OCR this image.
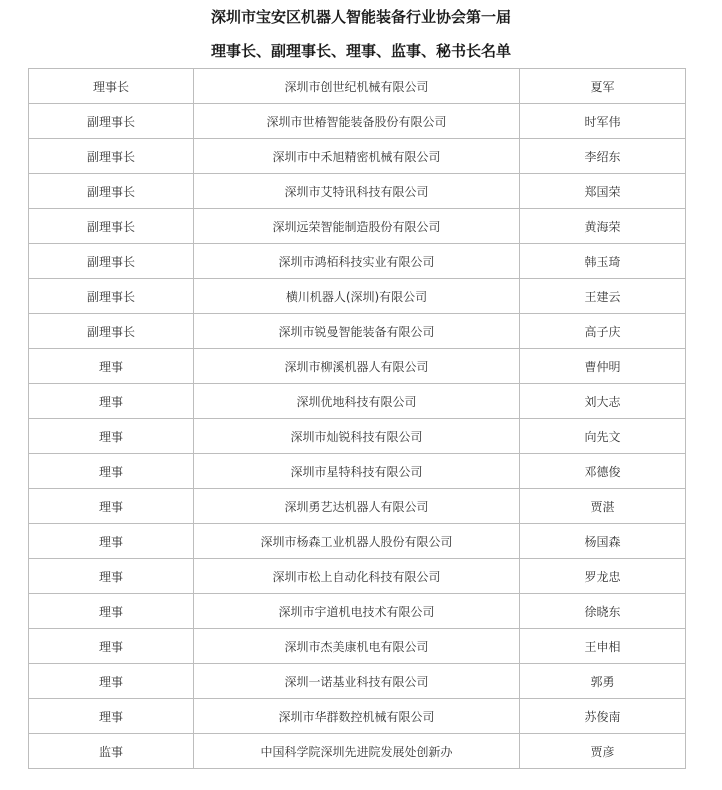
深圳市宝安区机器人智能装备行业协会第一届
理事长、副理事长、理事、监事、秘书长名单
理事长	深圳市创世纪机械有限公司	夏军
副理事长	深圳市世椿智能装备股份有限公司	时军伟
副理事长	深圳市中禾旭精密机械有限公司	李绍东
副理事长	深圳市艾特讯科技有限公司	郑国荣
副理事长	深圳远荣智能制造股份有限公司	黄海荣
副理事长	深圳市鸿栢科技实业有限公司	韩玉琦
副理事长	横川机器人(深圳)有限公司	王建云
副理事长	深圳市锐曼智能装备有限公司	高子庆
理事	深圳市柳溪机器人有限公司	曹仲明
理事	深圳优地科技有限公司	刘大志
理事	深圳市灿锐科技有限公司	向先文
理事	深圳市星特科技有限公司	邓德俊
理事	深圳勇艺达机器人有限公司	贾湛
理事	深圳市杨森工业机器人股份有限公司	杨国森
理事	深圳市松上自动化科技有限公司	罗龙忠
理事	深圳市宇道机电技术有限公司	徐晓东
理事	深圳市杰美康机电有限公司	王申相
理事	深圳一诺基业科技有限公司	郭勇
理事	深圳市华群数控机械有限公司	苏俊南
监事	中国科学院深圳先进院发展处创新办	贾彦
